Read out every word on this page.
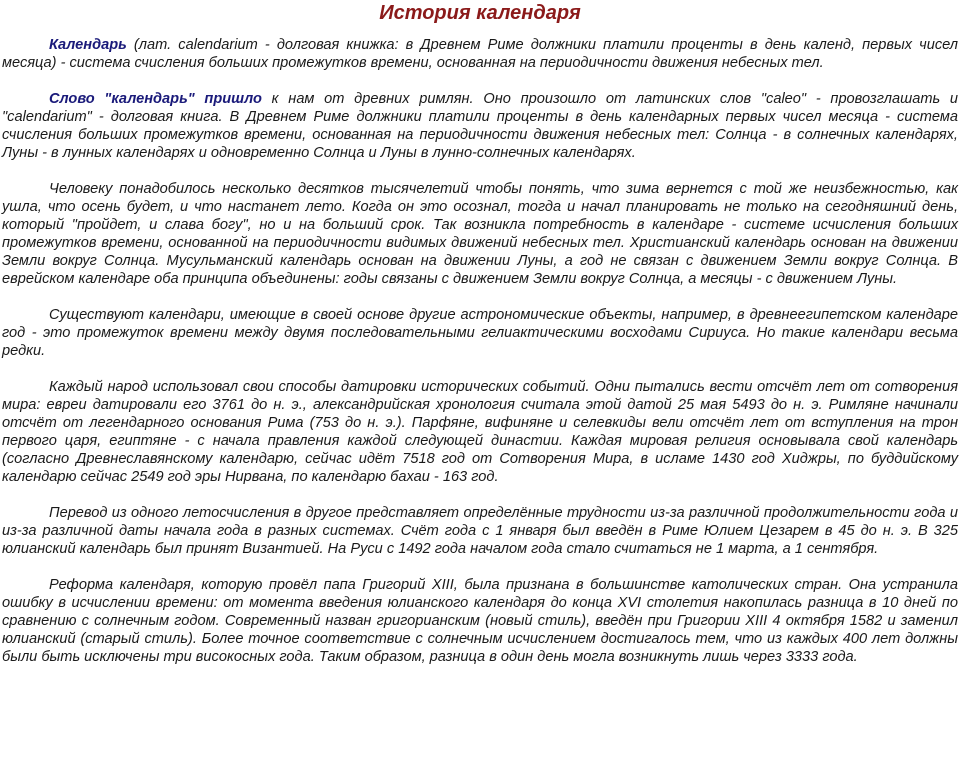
История календаря

Календарь (лат. calendarium - долговая книжка: в Древнем Риме должники платили проценты в день календ, первых чисел месяца) - система счисления больших промежутков времени, основанная на периодичности движения небесных тел.

Слово "календарь" пришло к нам от древних римлян. Оно произошло от латинских слов "caleo" - провозглашать и "calendarium" - долговая книга. В Древнем Риме должники платили проценты в день календарных первых чисел месяца - система счисления больших промежутков времени, основанная на периодичности движения небесных тел: Солнца - в солнечных календарях, Луны - в лунных календарях и одновременно Солнца и Луны в лунно-солнечных календарях.

Человеку понадобилось несколько десятков тысячелетий чтобы понять, что зима вернется с той же неизбежностью, как ушла, что осень будет, и что настанет лето. Когда он это осознал, тогда и начал планировать не только на сегодняшний день, который "пройдет, и слава богу", но и на больший срок. Так возникла потребность в календаре - системе исчисления больших промежутков времени, основанной на периодичности видимых движений небесных тел. Христианский календарь основан на движении Земли вокруг Солнца. Мусульманский календарь основан на движении Луны, а год не связан с движением Земли вокруг Солнца. В еврейском календаре оба принципа объединены: годы связаны с движением Земли вокруг Солнца, а месяцы - с движением Луны.

Существуют календари, имеющие в своей основе другие астрономические объекты, например, в древнеегипетском календаре год - это промежуток времени между двумя последовательными гелиактическими восходами Сириуса. Но такие календари весьма редки.

Каждый народ использовал свои способы датировки исторических событий. Одни пытались вести отсчёт лет от сотворения мира: евреи датировали его 3761 до н. э., александрийская хронология считала этой датой 25 мая 5493 до н. э. Римляне начинали отсчёт от легендарного основания Рима (753 до н. э.). Парфяне, вифиняне и селевкиды вели отсчёт лет от вступления на трон первого царя, египтяне - с начала правления каждой следующей династии. Каждая мировая религия основывала свой календарь (согласно Древнеславянскому календарю, сейчас идёт 7518 год от Сотворения Мира, в исламе 1430 год Хиджры, по буддийскому календарю сейчас 2549 год эры Нирвана, по календарю бахаи - 163 год.

Перевод из одного летосчисления в другое представляет определённые трудности из-за различной продолжительности года и из-за различной даты начала года в разных системах. Счёт года с 1 января был введён в Риме Юлием Цезарем в 45 до н. э. В 325 юлианский календарь был принят Византией. На Руси с 1492 года началом года стало считаться не 1 марта, а 1 сентября.

Реформа календаря, которую провёл папа Григорий XIII, была признана в большинстве католических стран. Она устранила ошибку в исчислении времени: от момента введения юлианского календаря до конца XVI столетия накопилась разница в 10 дней по сравнению с солнечным годом. Современный назван григорианским (новый стиль), введён при Григории XIII 4 октября 1582 и заменил юлианский (старый стиль). Более точное соответствие с солнечным исчислением достигалось тем, что из каждых 400 лет должны были быть исключены три високосных года. Таким образом, разница в один день могла возникнуть лишь через 3333 года.
